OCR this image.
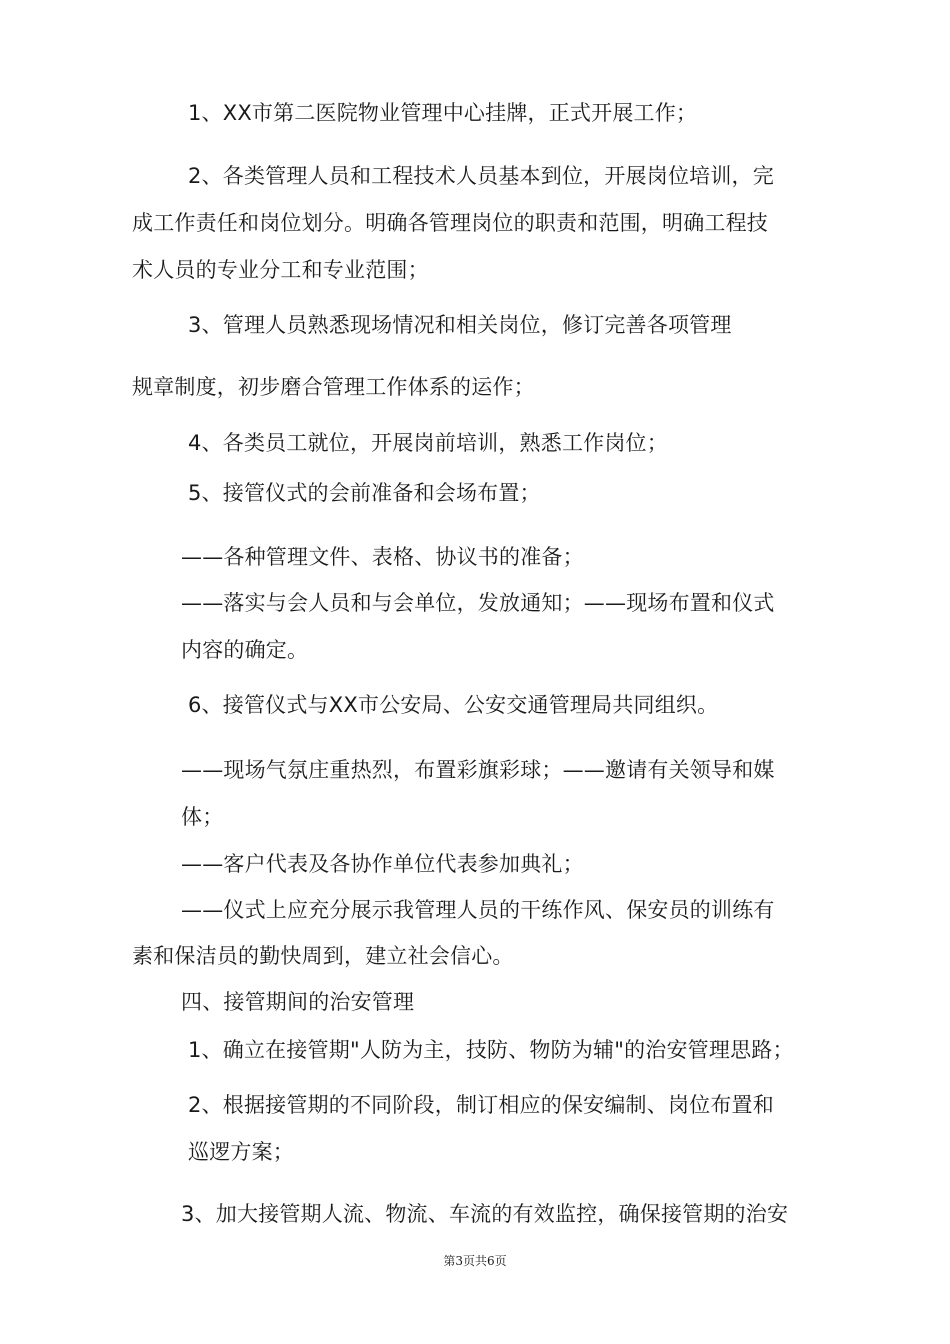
1、XX市第二医院物业管理中心挂牌，正式开展工作；
2、各类管理人员和工程技术人员基本到位，开展岗位培训，完
成工作责任和岗位划分。明确各管理岗位的职责和范围，明确工程技
术人员的专业分工和专业范围；
3、管理人员熟悉现场情况和相关岗位，修订完善各项管理
规章制度，初步磨合管理工作体系的运作；
4、各类员工就位，开展岗前培训，熟悉工作岗位；
5、接管仪式的会前准备和会场布置；
——各种管理文件、表格、协议书的准备；
——落实与会人员和与会单位，发放通知；——现场布置和仪式
内容的确定。
6、接管仪式与XX市公安局、公安交通管理局共同组织。
——现场气氛庄重热烈，布置彩旗彩球；——邀请有关领导和媒
体；
——客户代表及各协作单位代表参加典礼；
——仪式上应充分展示我管理人员的干练作风、保安员的训练有
素和保洁员的勤快周到，建立社会信心。
四、接管期间的治安管理
1、确立在接管期"人防为主，技防、物防为辅"的治安管理思路；
2、根据接管期的不同阶段，制订相应的保安编制、岗位布置和
巡逻方案；
3、加大接管期人流、物流、车流的有效监控，确保接管期的治安
第3页共6页
